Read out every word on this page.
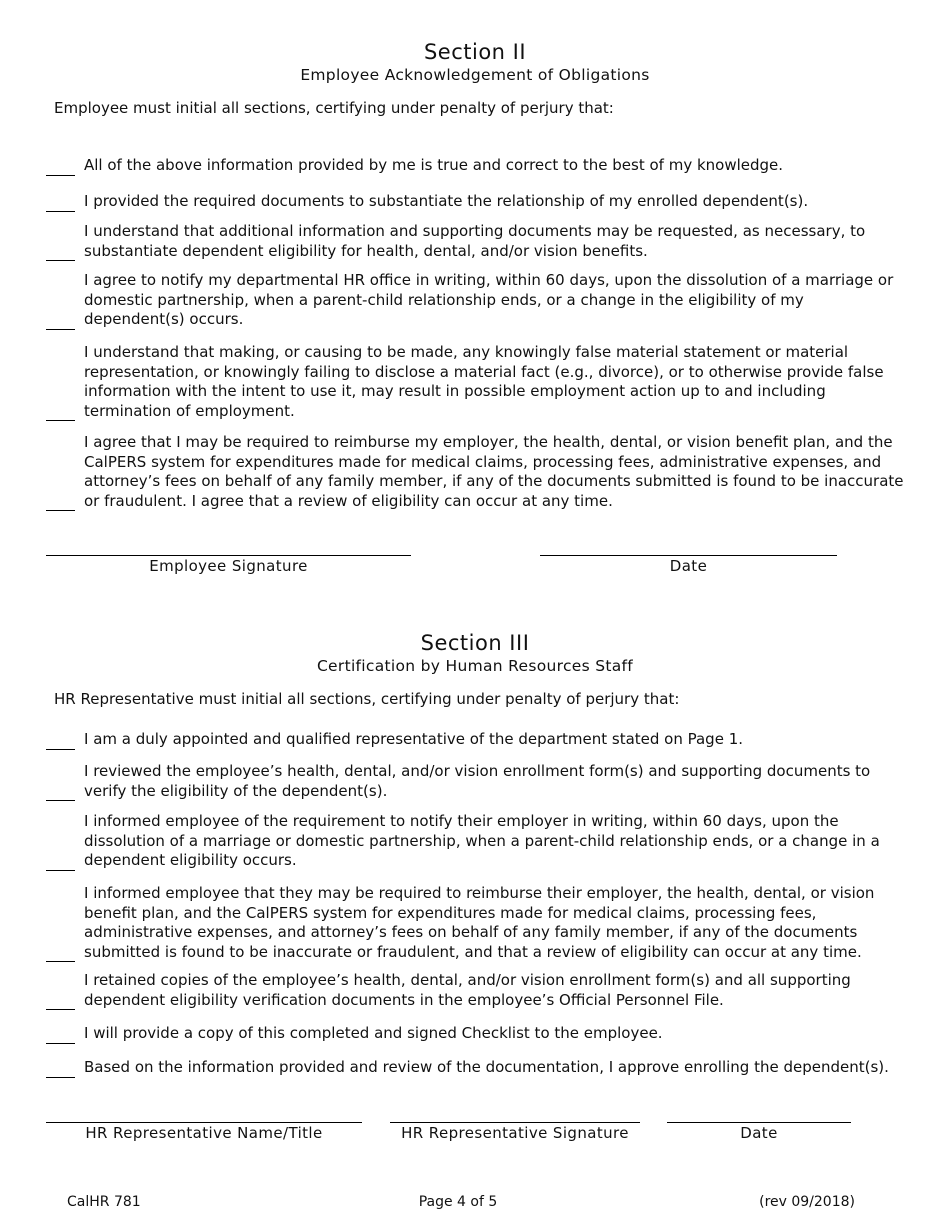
Section II
Employee Acknowledgement of Obligations
Employee must initial all sections, certifying under penalty of perjury that:
All of the above information provided by me is true and correct to the best of my knowledge.
I provided the required documents to substantiate the relationship of my enrolled dependent(s).
I understand that additional information and supporting documents may be requested, as necessary, to substantiate dependent eligibility for health, dental, and/or vision benefits.
I agree to notify my departmental HR office in writing, within 60 days, upon the dissolution of a marriage or domestic partnership, when a parent-child relationship ends, or a change in the eligibility of my dependent(s) occurs.
I understand that making, or causing to be made, any knowingly false material statement or material representation, or knowingly failing to disclose a material fact (e.g., divorce), or to otherwise provide false information with the intent to use it, may result in possible employment action up to and including termination of employment.
I agree that I may be required to reimburse my employer, the health, dental, or vision benefit plan, and the CalPERS system for expenditures made for medical claims, processing fees, administrative expenses, and attorney’s fees on behalf of any family member, if any of the documents submitted is found to be inaccurate or fraudulent. I agree that a review of eligibility can occur at any time.
Employee Signature	Date
Section III
Certification by Human Resources Staff
HR Representative must initial all sections, certifying under penalty of perjury that:
I am a duly appointed and qualified representative of the department stated on Page 1.
I reviewed the employee’s health, dental, and/or vision enrollment form(s) and supporting documents to verify the eligibility of the dependent(s).
I informed employee of the requirement to notify their employer in writing, within 60 days, upon the dissolution of a marriage or domestic partnership, when a parent-child relationship ends, or a change in a dependent eligibility occurs.
I informed employee that they may be required to reimburse their employer, the health, dental, or vision benefit plan, and the CalPERS system for expenditures made for medical claims, processing fees, administrative expenses, and attorney’s fees on behalf of any family member, if any of the documents submitted is found to be inaccurate or fraudulent, and that a review of eligibility can occur at any time.
I retained copies of the employee’s health, dental, and/or vision enrollment form(s) and all supporting dependent eligibility verification documents in the employee’s Official Personnel File.
I will provide a copy of this completed and signed Checklist to the employee.
Based on the information provided and review of the documentation, I approve enrolling the dependent(s).
HR Representative Name/Title	HR Representative Signature	Date
CalHR 781	Page 4 of 5	(rev 09/2018)
